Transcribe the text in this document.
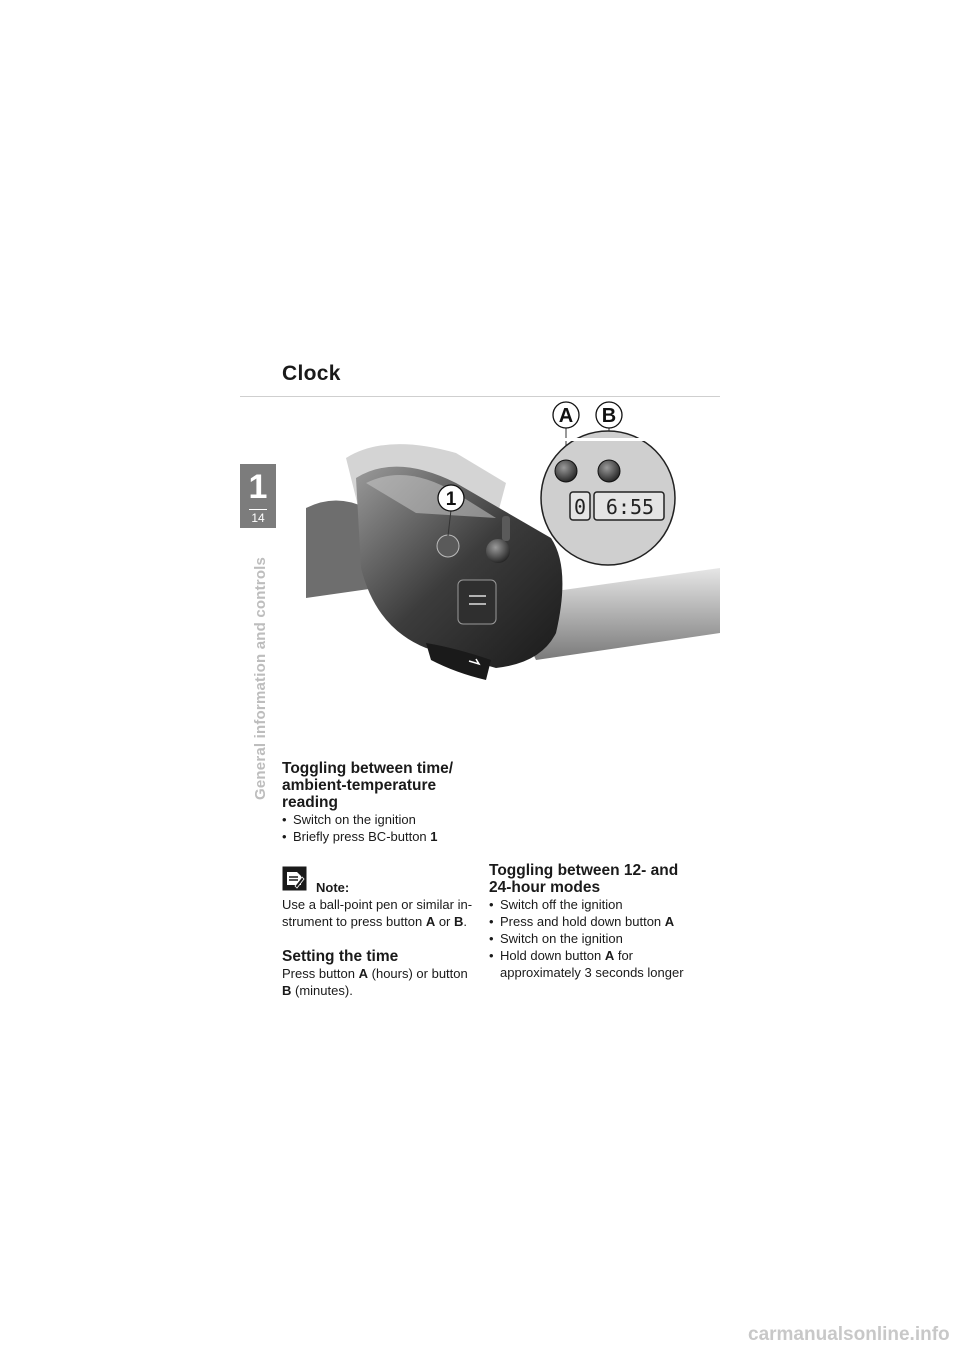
Clock
1
14
General information and controls
0 6:55
A B
1
Toggling between time/ ambient-temperature reading
• Switch on the ignition
• Briefly press BC-button 1
Note:
Use a ball-point pen or similar in-strument to press button A or B.
Setting the time
Press button A (hours) or button B (minutes).
Toggling between 12- and 24-hour modes
• Switch off the ignition
• Press and hold down button A
• Switch on the ignition
• Hold down button A for approximately 3 seconds longer
carmanualsonline.info
